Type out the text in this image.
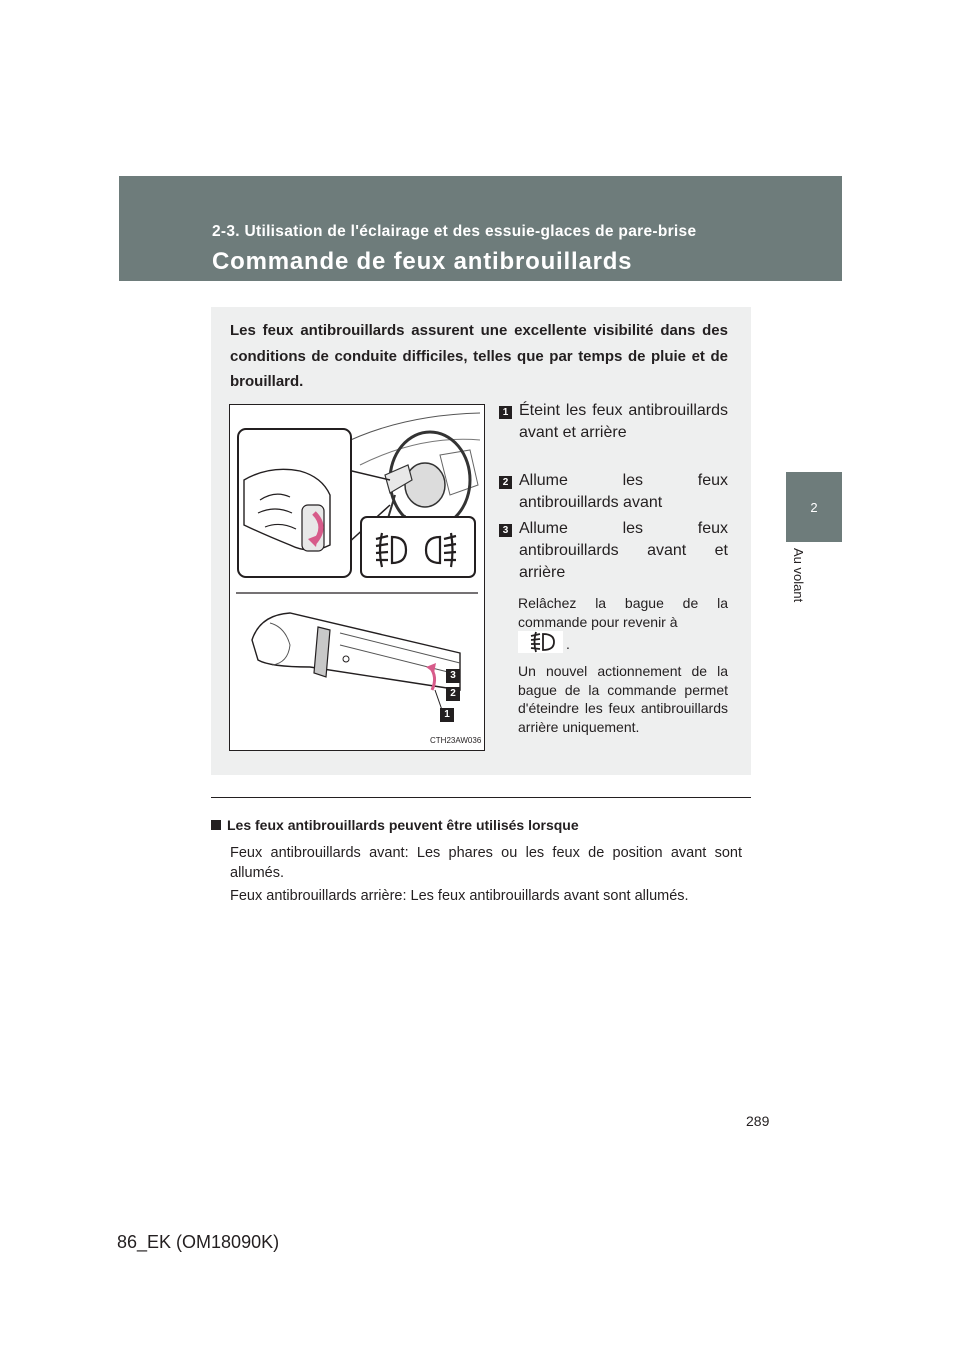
2-3. Utilisation de l'éclairage et des essuie-glaces de pare-brise
Commande de feux antibrouillards
2
Au volant
Les feux antibrouillards assurent une excellente visibilité dans des conditions de conduite difficiles, telles que par temps de pluie et de brouillard.
3
2
1
CTH23AW036
1 Éteint les feux antibrouillards avant et arrière
2 Allume les feux antibrouillards avant
3 Allume les feux antibrouillards avant et arrière
Relâchez la bague de la commande pour revenir à
.
Un nouvel actionnement de la bague de la commande permet d'éteindre les feux antibrouillards arrière uniquement.
Les feux antibrouillards peuvent être utilisés lorsque
Feux antibrouillards avant: Les phares ou les feux de position avant sont allumés.
Feux antibrouillards arrière: Les feux antibrouillards avant sont allumés.
289
86_EK (OM18090K)
